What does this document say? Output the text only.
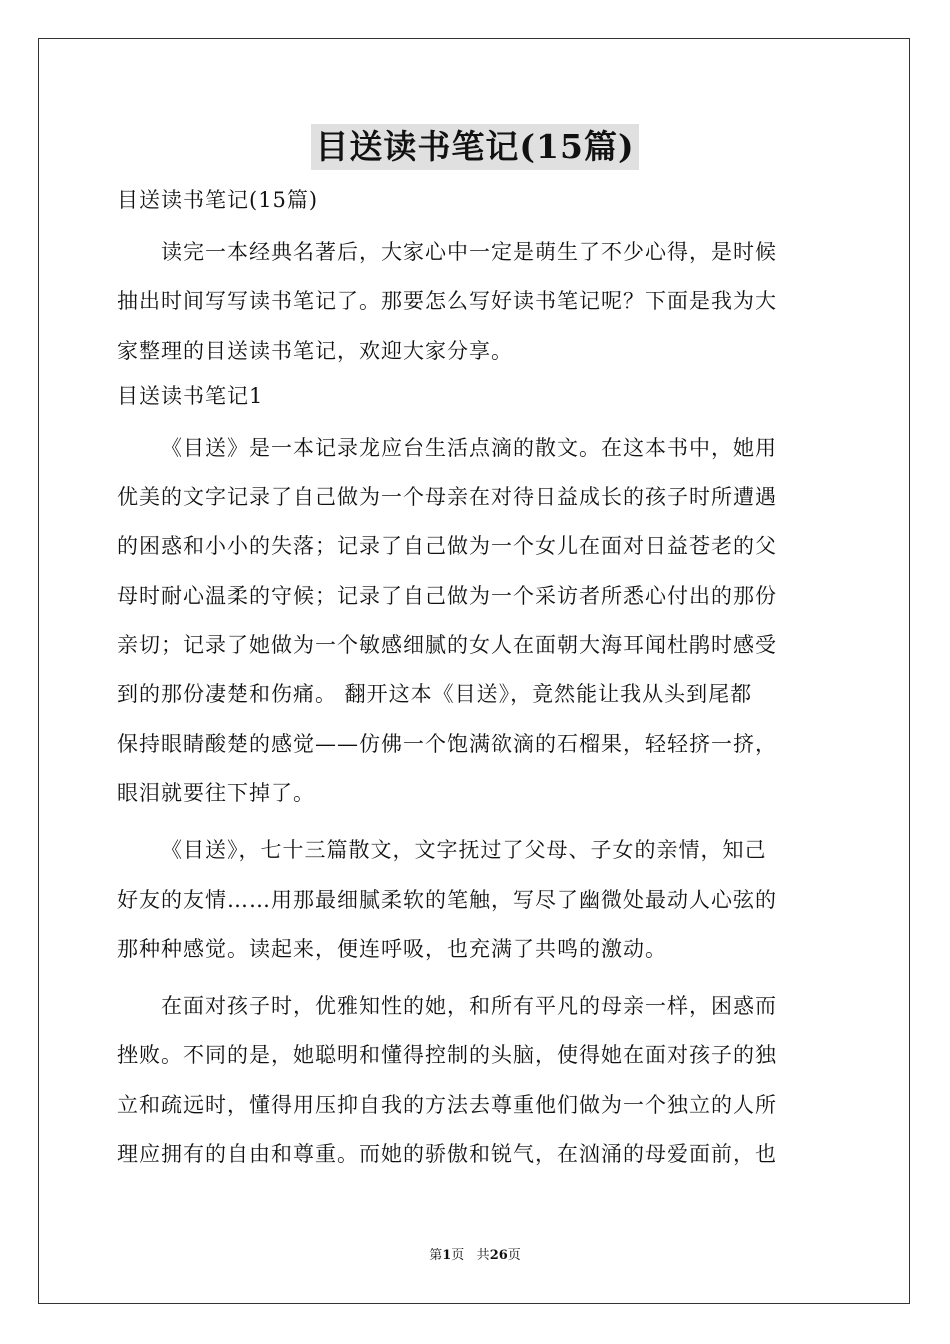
目送读书笔记(15篇)
目送读书笔记(15篇)
读完一本经典名著后，大家心中一定是萌生了不少心得，是时候
抽出时间写写读书笔记了。那要怎么写好读书笔记呢？下面是我为大
家整理的目送读书笔记，欢迎大家分享。
目送读书笔记1
《目送》是一本记录龙应台生活点滴的散文。在这本书中，她用
优美的文字记录了自己做为一个母亲在对待日益成长的孩子时所遭遇
的困惑和小小的失落；记录了自己做为一个女儿在面对日益苍老的父
母时耐心温柔的守候；记录了自己做为一个采访者所悉心付出的那份
亲切；记录了她做为一个敏感细腻的女人在面朝大海耳闻杜鹃时感受
到的那份凄楚和伤痛。 翻开这本《目送》，竟然能让我从头到尾都
保持眼睛酸楚的感觉——仿佛一个饱满欲滴的石榴果，轻轻挤一挤，
眼泪就要往下掉了。
《目送》，七十三篇散文，文字抚过了父母、子女的亲情，知己
好友的友情……用那最细腻柔软的笔触，写尽了幽微处最动人心弦的
那种种感觉。读起来，便连呼吸，也充满了共鸣的激动。
在面对孩子时，优雅知性的她，和所有平凡的母亲一样，困惑而
挫败。不同的是，她聪明和懂得控制的头脑，使得她在面对孩子的独
立和疏远时，懂得用压抑自我的方法去尊重他们做为一个独立的人所
理应拥有的自由和尊重。而她的骄傲和锐气，在汹涌的母爱面前，也
第1页 共26页
